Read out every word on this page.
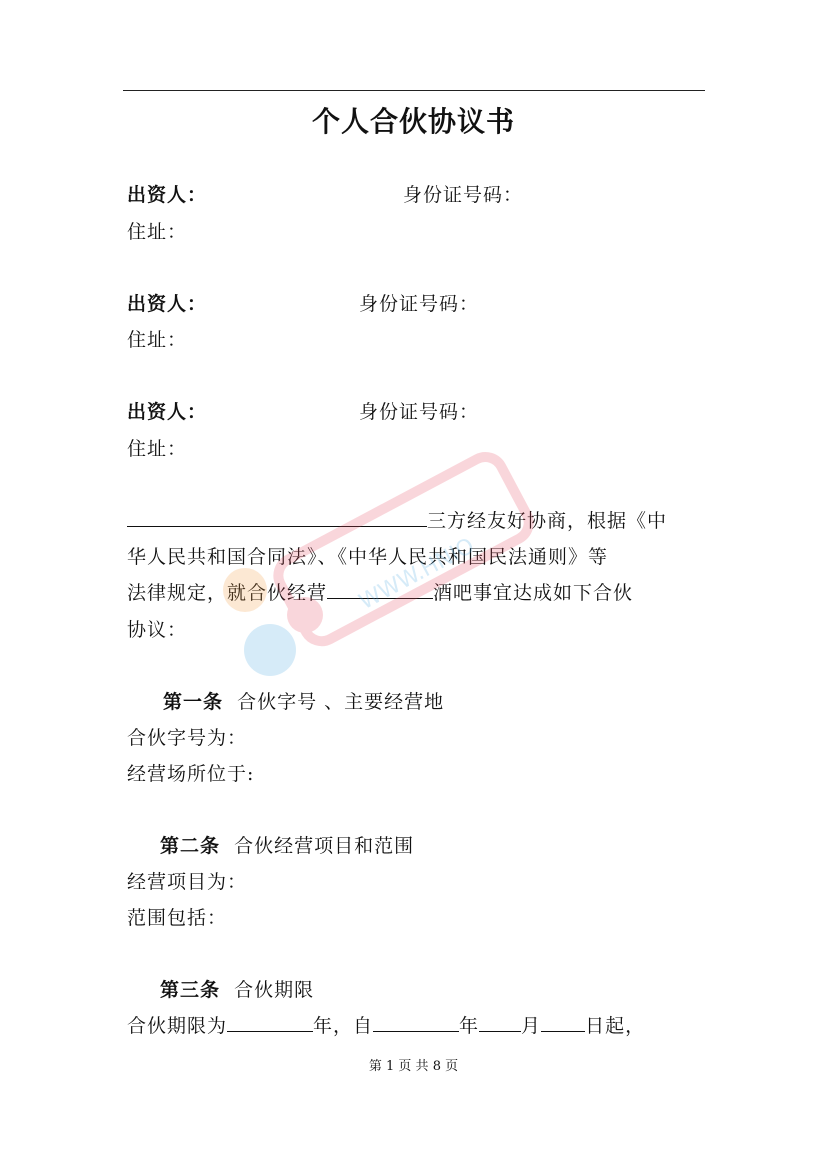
个人合伙协议书
出资人：	身份证号码：
住址：
出资人：	身份证号码：
住址：
出资人：	身份证号码：
住址：
三方经友好协商，根据《中
华人民共和国合同法》、《中华人民共和国民法通则》等
法律规定，就合伙经营	酒吧事宜达成如下合伙
协议：
第一条 合伙字号 、主要经营地
合伙字号为：
经营场所位于:
第二条 合伙经营项目和范围
经营项目为：
范围包括：
第三条 合伙期限
合伙期限为	年，自	年 月 日起，
第 1 页 共 8 页
WWW.HNIO
